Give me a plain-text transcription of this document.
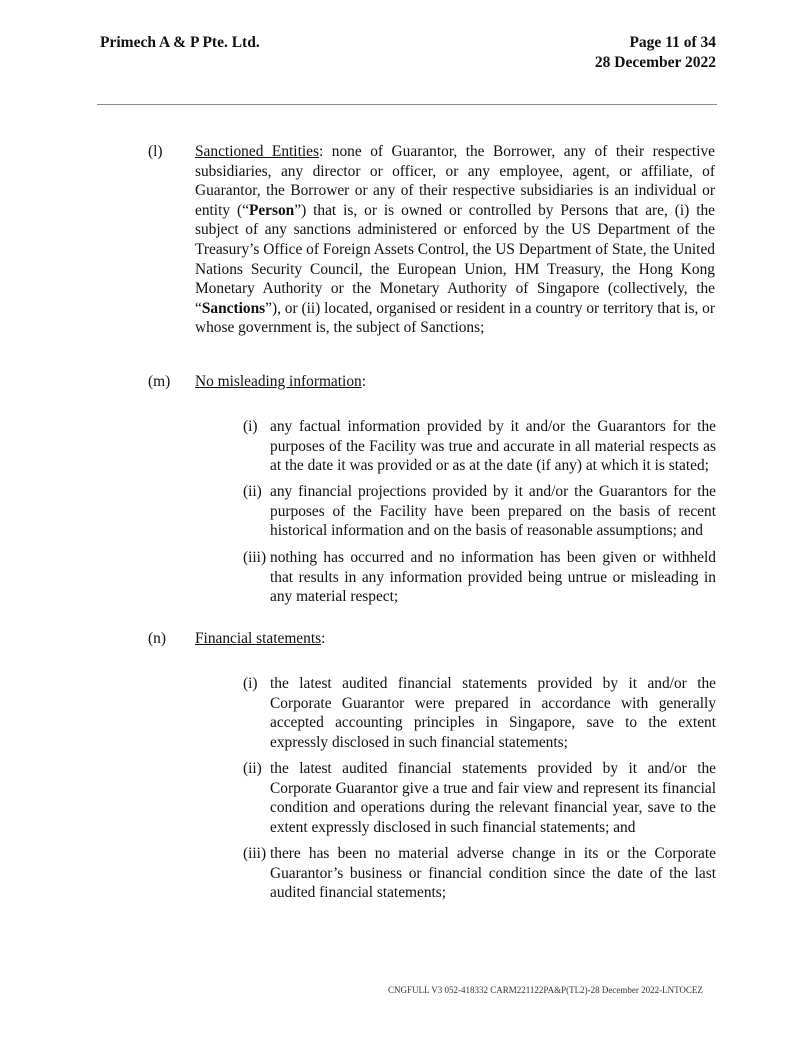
Primech A & P Pte. Ltd.	Page 11 of 34
28 December 2022
(l) Sanctioned Entities: none of Guarantor, the Borrower, any of their respective subsidiaries, any director or officer, or any employee, agent, or affiliate, of Guarantor, the Borrower or any of their respective subsidiaries is an individual or entity (“Person”) that is, or is owned or controlled by Persons that are, (i) the subject of any sanctions administered or enforced by the US Department of the Treasury’s Office of Foreign Assets Control, the US Department of State, the United Nations Security Council, the European Union, HM Treasury, the Hong Kong Monetary Authority or the Monetary Authority of Singapore (collectively, the “Sanctions”), or (ii) located, organised or resident in a country or territory that is, or whose government is, the subject of Sanctions;
(m) No misleading information:
(i) any factual information provided by it and/or the Guarantors for the purposes of the Facility was true and accurate in all material respects as at the date it was provided or as at the date (if any) at which it is stated;
(ii) any financial projections provided by it and/or the Guarantors for the purposes of the Facility have been prepared on the basis of recent historical information and on the basis of reasonable assumptions; and
(iii) nothing has occurred and no information has been given or withheld that results in any information provided being untrue or misleading in any material respect;
(n) Financial statements:
(i) the latest audited financial statements provided by it and/or the Corporate Guarantor were prepared in accordance with generally accepted accounting principles in Singapore, save to the extent expressly disclosed in such financial statements;
(ii) the latest audited financial statements provided by it and/or the Corporate Guarantor give a true and fair view and represent its financial condition and operations during the relevant financial year, save to the extent expressly disclosed in such financial statements; and
(iii) there has been no material adverse change in its or the Corporate Guarantor’s business or financial condition since the date of the last audited financial statements;
CNGFULL V3 052-418332 CARM221122PA&P(TL2)-28 December 2022-LNTOCEZ
